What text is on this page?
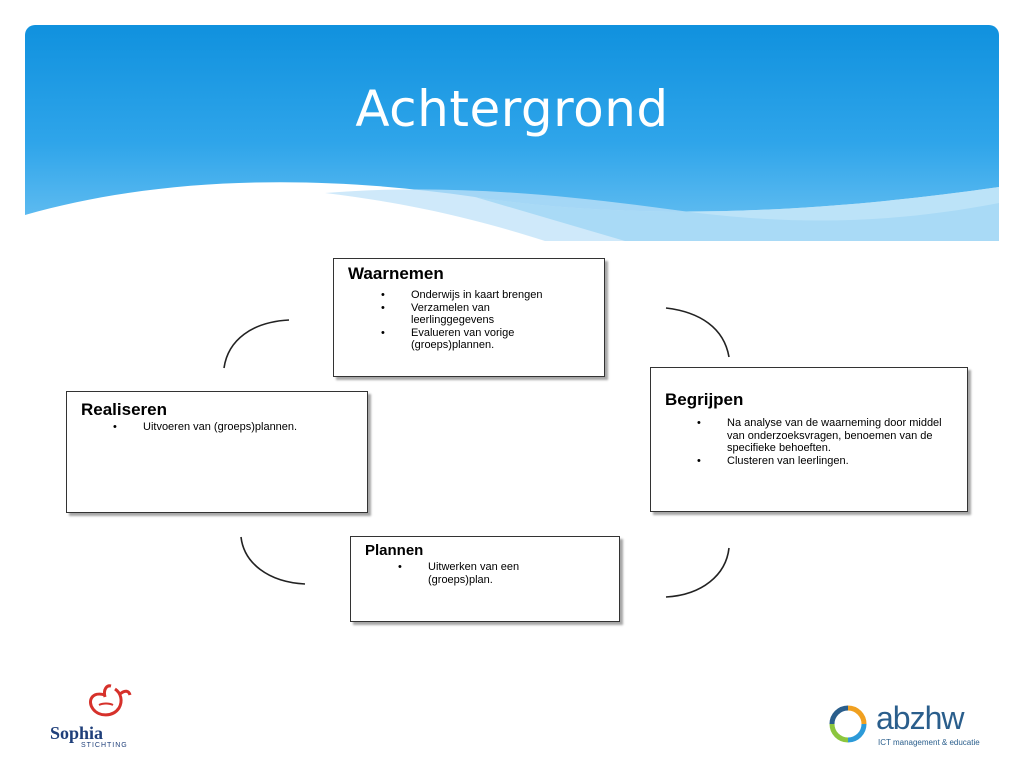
Achtergrond
Waarnemen
• Onderwijs in kaart brengen
• Verzamelen van leerlinggegevens
• Evalueren van vorige (groeps)plannen.
Begrijpen
• Na analyse van de waarneming door middel van onderzoeksvragen, benoemen van de specifieke behoeften.
• Clusteren van leerlingen.
Plannen
• Uitwerken van een (groeps)plan.
Realiseren
• Uitvoeren van (groeps)plannen.
Sophia
STICHTING
abzhw
ICT management & educatie
